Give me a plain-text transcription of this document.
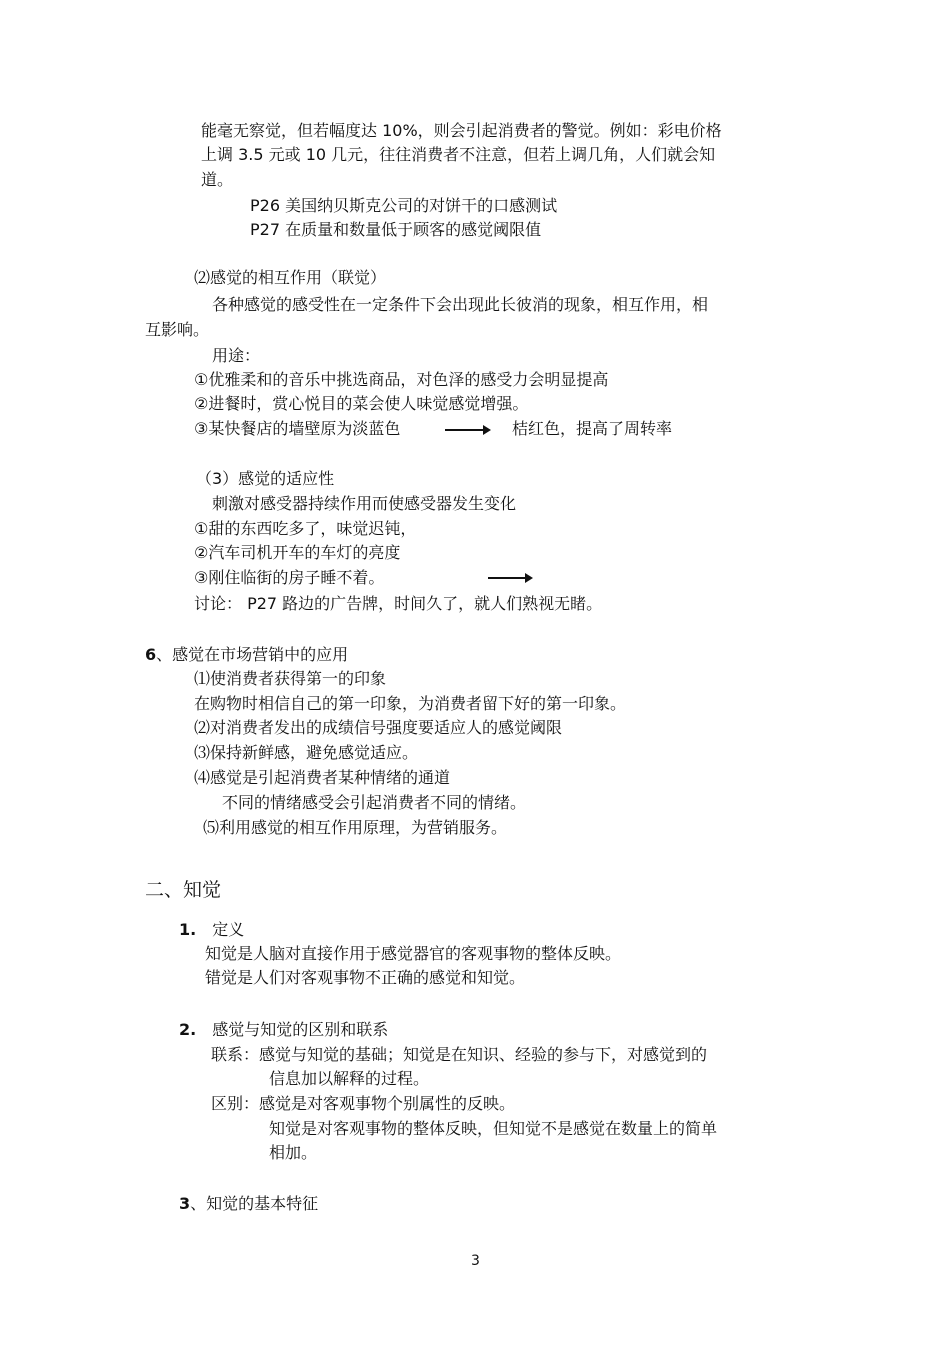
能毫无察觉，但若幅度达 10%，则会引起消费者的警觉。例如：彩电价格
上调 3.5 元或 10 几元，往往消费者不注意，但若上调几角，人们就会知
道。
P26 美国纳贝斯克公司的对饼干的口感测试
P27 在质量和数量低于顾客的感觉阈限值
⑵感觉的相互作用（联觉）
各种感觉的感受性在一定条件下会出现此长彼消的现象，相互作用，相
互影响。
用途：
①优雅柔和的音乐中挑选商品，对色泽的感受力会明显提高
②进餐时，赏心悦目的菜会使人味觉感觉增强。
③某快餐店的墙壁原为淡蓝色	桔红色，提高了周转率
（3）感觉的适应性
刺激对感受器持续作用而使感受器发生变化
①甜的东西吃多了，味觉迟钝，
②汽车司机开车的车灯的亮度
③刚住临街的房子睡不着。
讨论： P27 路边的广告牌，时间久了，就人们熟视无睹。
6、感觉在市场营销中的应用
⑴使消费者获得第一的印象
在购物时相信自己的第一印象，为消费者留下好的第一印象。
⑵对消费者发出的成绩信号强度要适应人的感觉阈限
⑶保持新鲜感，避免感觉适应。
⑷感觉是引起消费者某种情绪的通道
不同的情绪感受会引起消费者不同的情绪。
⑸利用感觉的相互作用原理，为营销服务。
二、知觉
1. 定义
知觉是人脑对直接作用于感觉器官的客观事物的整体反映。
错觉是人们对客观事物不正确的感觉和知觉。
2. 感觉与知觉的区别和联系
联系：感觉与知觉的基础；知觉是在知识、经验的参与下，对感觉到的
信息加以解释的过程。
区别：感觉是对客观事物个别属性的反映。
知觉是对客观事物的整体反映，但知觉不是感觉在数量上的简单
相加。
3、知觉的基本特征
3
